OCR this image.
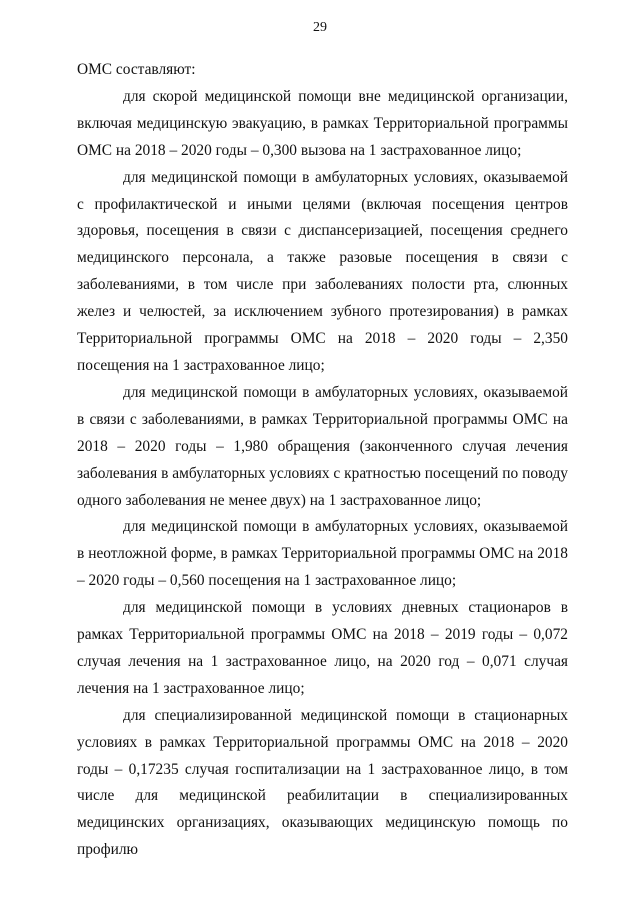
29

ОМС составляют:

для скорой медицинской помощи вне медицинской организации, включая медицинскую эвакуацию, в рамках Территориальной программы ОМС на 2018 – 2020 годы – 0,300 вызова на 1 застрахованное лицо;

для медицинской помощи в амбулаторных условиях, оказываемой с профилактической и иными целями (включая посещения центров здоровья, посещения в связи с диспансеризацией, посещения среднего медицинского персонала, а также разовые посещения в связи с заболеваниями, в том числе при заболеваниях полости рта, слюнных желез и челюстей, за исключением зубного протезирования) в рамках Территориальной программы ОМС на 2018 – 2020 годы – 2,350 посещения на 1 застрахованное лицо;

для медицинской помощи в амбулаторных условиях, оказываемой в связи с заболеваниями, в рамках Территориальной программы ОМС на 2018 – 2020 годы – 1,980 обращения (законченного случая лечения заболевания в амбулаторных условиях с кратностью посещений по поводу одного заболевания не менее двух) на 1 застрахованное лицо;

для медицинской помощи в амбулаторных условиях, оказываемой в неотложной форме, в рамках Территориальной программы ОМС на 2018 – 2020 годы – 0,560 посещения на 1 застрахованное лицо;

для медицинской помощи в условиях дневных стационаров в рамках Территориальной программы ОМС на 2018 – 2019 годы – 0,072 случая лечения на 1 застрахованное лицо, на 2020 год – 0,071 случая лечения на 1 застрахованное лицо;

для специализированной медицинской помощи в стационарных условиях в рамках Территориальной программы ОМС на 2018 – 2020 годы – 0,17235 случая госпитализации на 1 застрахованное лицо, в том числе для медицинской реабилитации в специализированных медицинских организациях, оказывающих медицинскую помощь по профилю
